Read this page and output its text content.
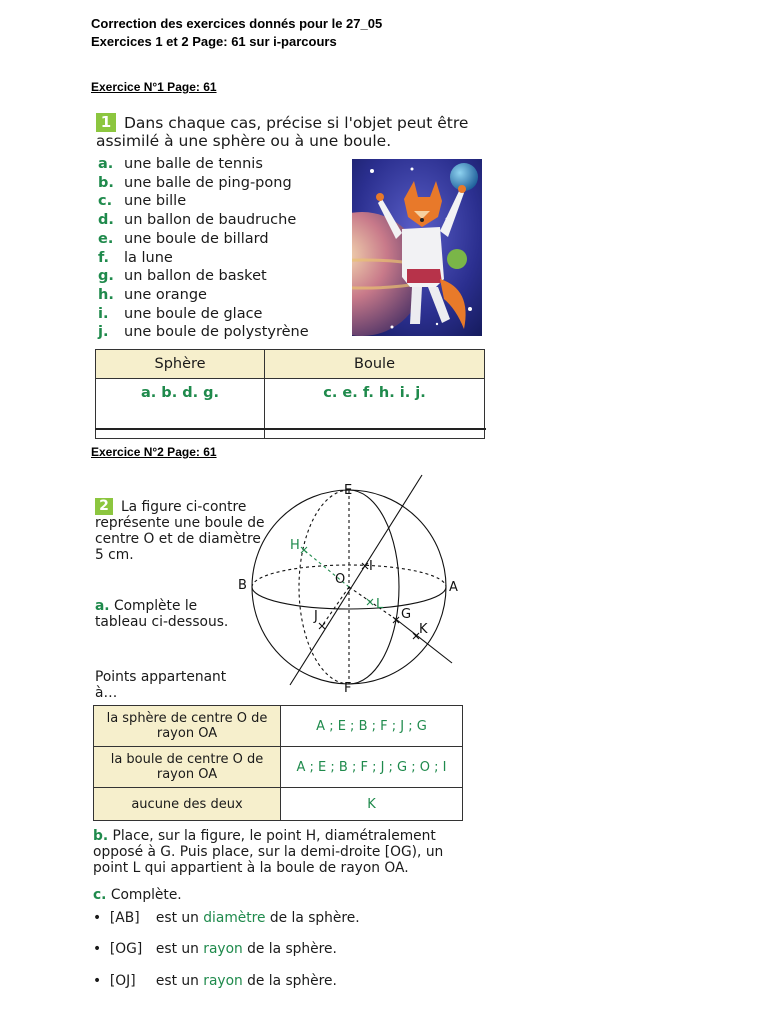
Correction des exercices donnés pour le 27_05
Exercices 1 et 2 Page: 61 sur i-parcours
Exercice N°1 Page: 61
1 Dans chaque cas, précise si l'objet peut être assimilé à une sphère ou à une boule.
a. une balle de tennis
b. une balle de ping-pong
c. une bille
d. un ballon de baudruche
e. une boule de billard
f. la lune
g. un ballon de basket
h. une orange
i. une boule de glace
j. une boule de polystyrène
Sphère	Boule
a. b. d. g.	c. e. f. h. i. j.
Exercice N°2 Page: 61
2 La figure ci-contre représente une boule de centre O et de diamètre 5 cm.
a. Complète le tableau ci-dessous.
Points appartenant à…
E
F
A
B	O
I
G
J
K
H
L
la sphère de centre O de rayon OA	A ; E ; B ; F ; J ; G
la boule de centre O de rayon OA	A ; E ; B ; F ; J ; G ; O ; I
aucune des deux	K
b. Place, sur la figure, le point H, diamétralement opposé à G. Puis place, sur la demi-droite [OG), un point L qui appartient à la boule de rayon OA.
c. Complète.
•  [AB] est un diamètre de la sphère.
•  [OG] est un rayon de la sphère.
•  [OJ] est un rayon de la sphère.
